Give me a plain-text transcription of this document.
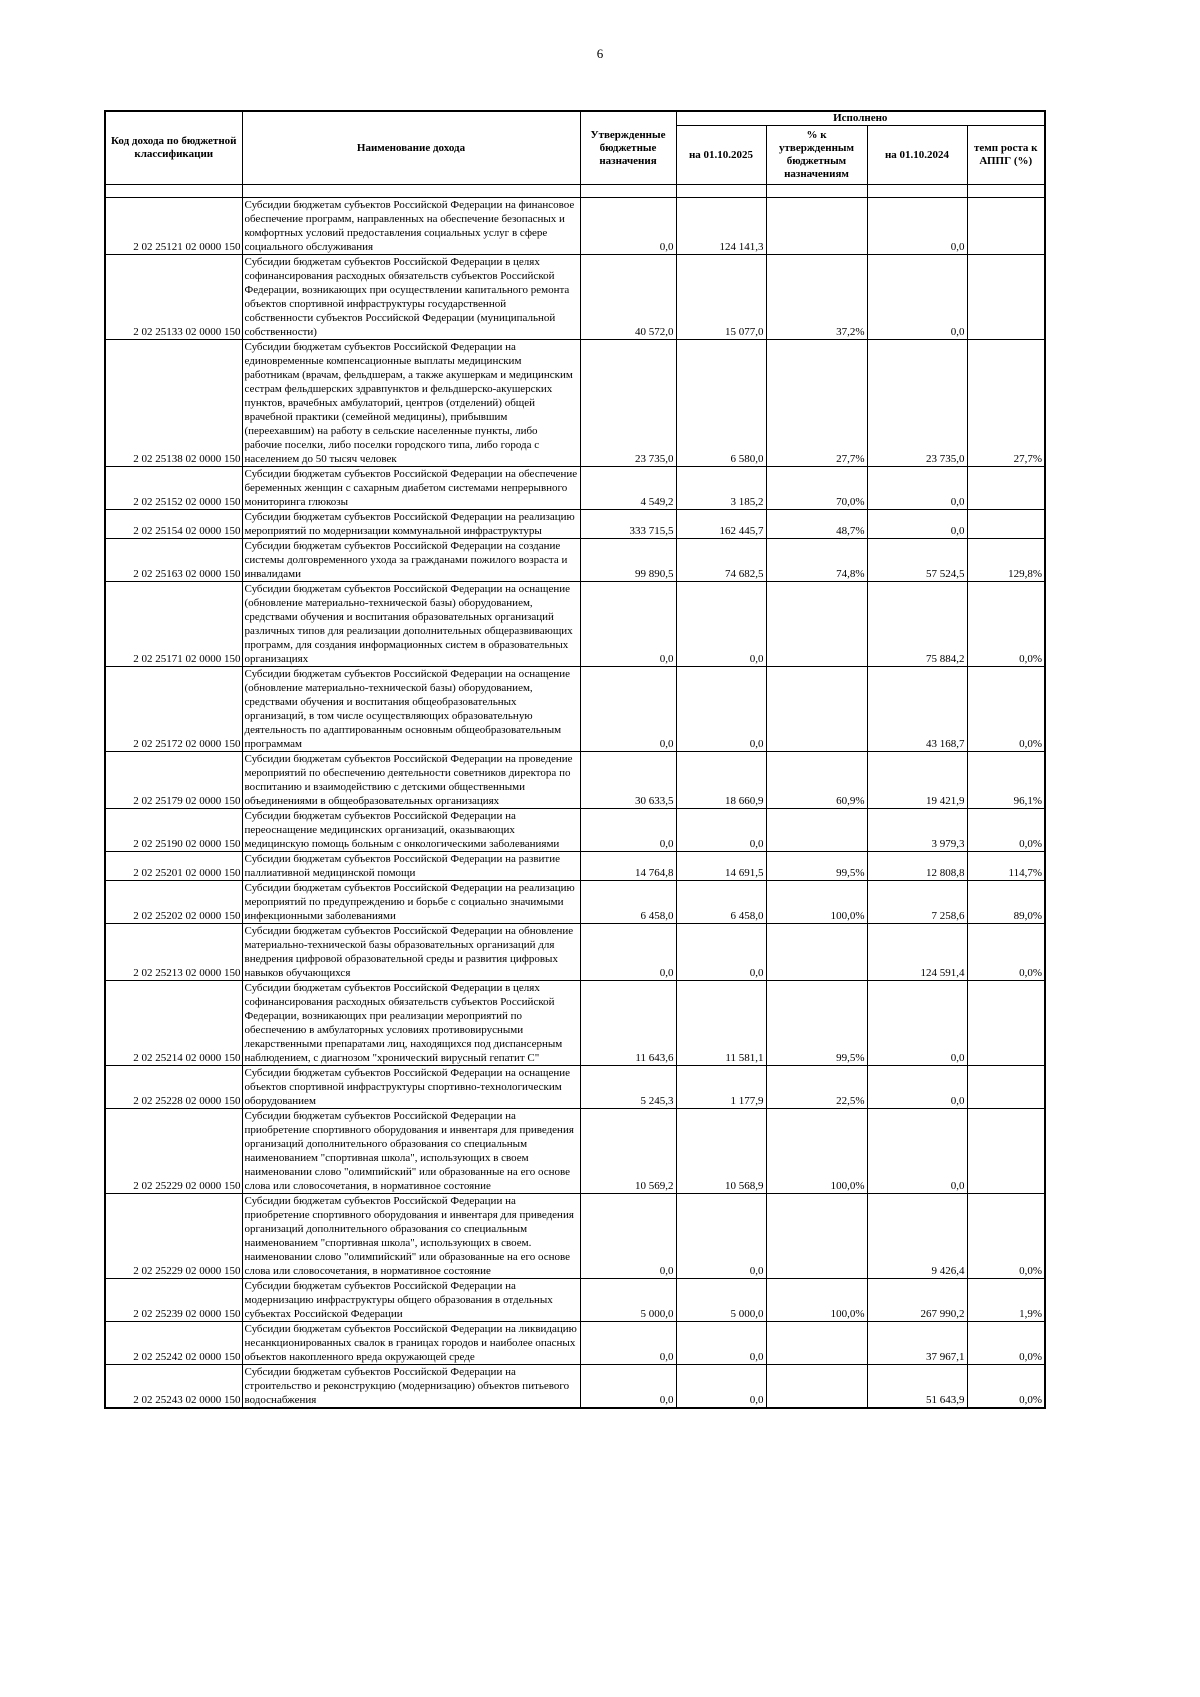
6
Код дохода по бюджетной классификации	Наименование дохода	Утвержденные бюджетные назначения	Исполнено			
			на 01.10.2025	% к утвержденным бюджетным назначениям	на 01.10.2024	темп роста к АППГ (%)

2 02 25121 02 0000 150	Субсидии бюджетам субъектов Российской Федерации на финансовое обеспечение программ, направленных на обеспечение безопасных и комфортных условий предоставления социальных услуг в сфере социального обслуживания	0,0	124 141,3		0,0	
2 02 25133 02 0000 150	Субсидии бюджетам субъектов Российской Федерации в целях софинансирования расходных обязательств субъектов Российской Федерации, возникающих при осуществлении капитального ремонта объектов спортивной инфраструктуры государственной собственности субъектов Российской Федерации (муниципальной собственности)	40 572,0	15 077,0	37,2%	0,0	
2 02 25138 02 0000 150	Субсидии бюджетам субъектов Российской Федерации на единовременные компенсационные выплаты медицинским работникам (врачам, фельдшерам, а также акушеркам и медицинским сестрам фельдшерских здравпунктов и фельдшерско-акушерских пунктов, врачебных амбулаторий, центров (отделений) общей врачебной практики (семейной медицины), прибывшим (переехавшим) на работу в сельские населенные пункты, либо рабочие поселки, либо поселки городского типа, либо города с населением до 50 тысяч человек	23 735,0	6 580,0	27,7%	23 735,0	27,7%
2 02 25152 02 0000 150	Субсидии бюджетам субъектов Российской Федерации на обеспечение беременных женщин с сахарным диабетом системами непрерывного мониторинга глюкозы	4 549,2	3 185,2	70,0%	0,0	
2 02 25154 02 0000 150	Субсидии бюджетам субъектов Российской Федерации на реализацию мероприятий по модернизации коммунальной инфраструктуры	333 715,5	162 445,7	48,7%	0,0	
2 02 25163 02 0000 150	Субсидии бюджетам субъектов Российской Федерации на создание системы долговременного ухода за гражданами пожилого возраста и инвалидами	99 890,5	74 682,5	74,8%	57 524,5	129,8%
2 02 25171 02 0000 150	Субсидии бюджетам субъектов Российской Федерации на оснащение (обновление материально-технической базы) оборудованием, средствами обучения и воспитания образовательных организаций различных типов для реализации дополнительных общеразвивающих программ, для создания информационных систем в образовательных организациях	0,0	0,0		75 884,2	0,0%
2 02 25172 02 0000 150	Субсидии бюджетам субъектов Российской Федерации на оснащение (обновление материально-технической базы) оборудованием, средствами обучения и воспитания общеобразовательных организаций, в том числе осуществляющих образовательную деятельность по адаптированным основным общеобразовательным программам	0,0	0,0		43 168,7	0,0%
2 02 25179 02 0000 150	Субсидии бюджетам субъектов Российской Федерации на проведение мероприятий по обеспечению деятельности советников директора по воспитанию и взаимодействию с детскими общественными объединениями в общеобразовательных организациях	30 633,5	18 660,9	60,9%	19 421,9	96,1%
2 02 25190 02 0000 150	Субсидии бюджетам субъектов Российской Федерации на переоснащение медицинских организаций, оказывающих медицинскую помощь больным с онкологическими заболеваниями	0,0	0,0		3 979,3	0,0%
2 02 25201 02 0000 150	Субсидии бюджетам субъектов Российской Федерации на развитие паллиативной медицинской помощи	14 764,8	14 691,5	99,5%	12 808,8	114,7%
2 02 25202 02 0000 150	Субсидии бюджетам субъектов Российской Федерации на реализацию мероприятий по предупреждению и борьбе с социально значимыми инфекционными заболеваниями	6 458,0	6 458,0	100,0%	7 258,6	89,0%
2 02 25213 02 0000 150	Субсидии бюджетам субъектов Российской Федерации на обновление материально-технической базы образовательных организаций для внедрения цифровой образовательной среды и развития цифровых навыков обучающихся	0,0	0,0		124 591,4	0,0%
2 02 25214 02 0000 150	Субсидии бюджетам субъектов Российской Федерации в целях софинансирования расходных обязательств субъектов Российской Федерации, возникающих при реализации мероприятий по обеспечению в амбулаторных условиях противовирусными лекарственными препаратами лиц, находящихся под диспансерным наблюдением, с диагнозом "хронический вирусный гепатит С"	11 643,6	11 581,1	99,5%	0,0	
2 02 25228 02 0000 150	Субсидии бюджетам субъектов Российской Федерации на оснащение объектов спортивной инфраструктуры спортивно-технологическим оборудованием	5 245,3	1 177,9	22,5%	0,0	
2 02 25229 02 0000 150	Субсидии бюджетам субъектов Российской Федерации на приобретение спортивного оборудования и инвентаря для приведения организаций дополнительного образования со специальным наименованием "спортивная школа", использующих в своем наименовании слово "олимпийский" или образованные на его основе слова или словосочетания, в нормативное состояние	10 569,2	10 568,9	100,0%	0,0	
2 02 25229 02 0000 150	Субсидии бюджетам субъектов Российской Федерации на приобретение спортивного оборудования и инвентаря для приведения организаций дополнительного образования со специальным наименованием "спортивная школа", использующих в своем. наименовании слово "олимпийский" или образованные на его основе слова или словосочетания, в нормативное состояние	0,0	0,0		9 426,4	0,0%
2 02 25239 02 0000 150	Субсидии бюджетам субъектов Российской Федерации на модернизацию инфраструктуры общего образования в отдельных субъектах Российской Федерации	5 000,0	5 000,0	100,0%	267 990,2	1,9%
2 02 25242 02 0000 150	Субсидии бюджетам субъектов Российской Федерации на ликвидацию несанкционированных свалок в границах городов и наиболее опасных объектов накопленного вреда окружающей среде	0,0	0,0		37 967,1	0,0%
2 02 25243 02 0000 150	Субсидии бюджетам субъектов Российской Федерации на строительство и реконструкцию (модернизацию) объектов питьевого водоснабжения	0,0	0,0		51 643,9	0,0%
